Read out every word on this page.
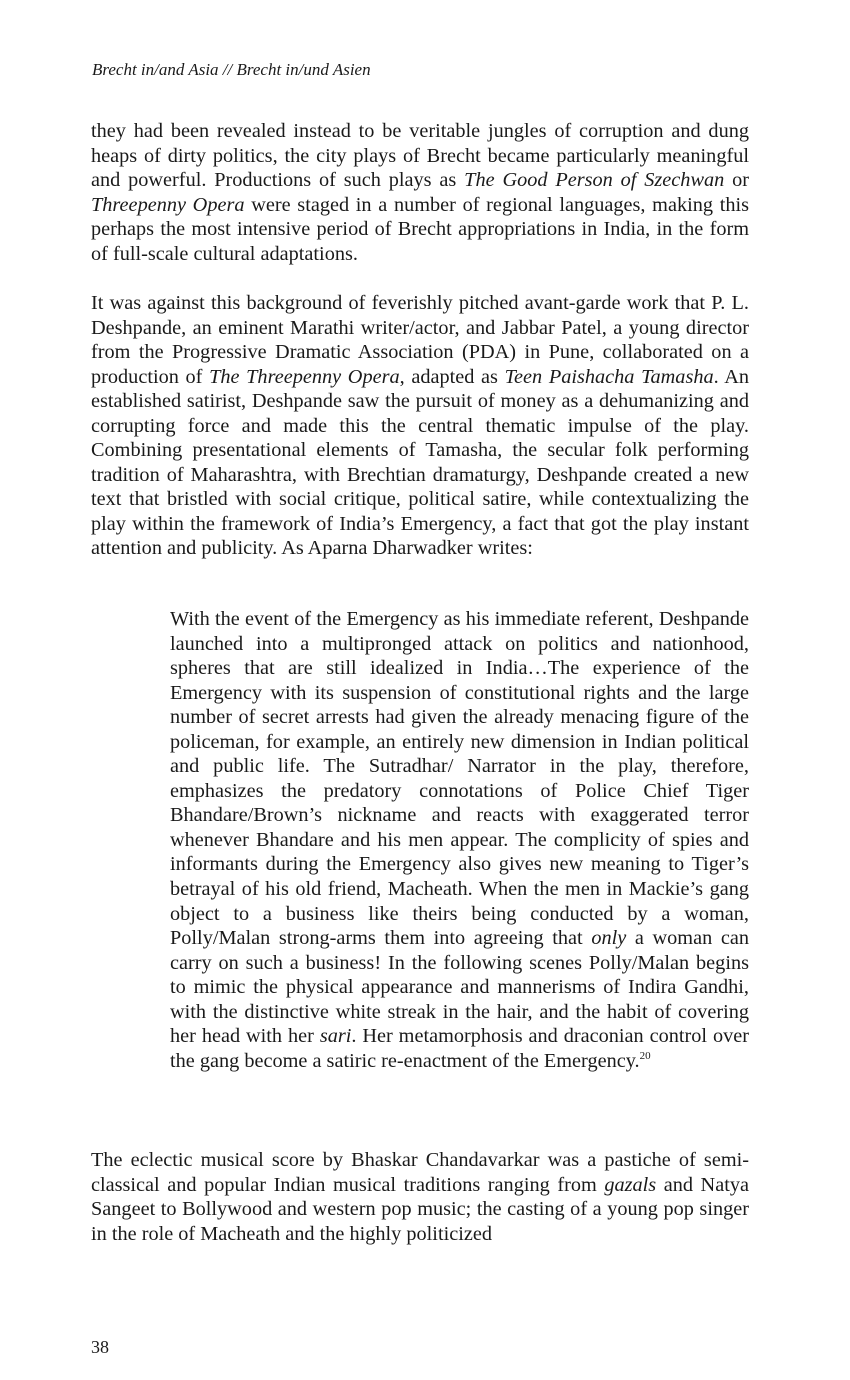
Brecht in/and Asia // Brecht in/und Asien

they had been revealed instead to be veritable jungles of corruption and dung heaps of dirty politics, the city plays of Brecht became particularly meaningful and powerful. Productions of such plays as The Good Person of Szechwan or Threepenny Opera were staged in a number of regional languages, making this perhaps the most intensive period of Brecht appropriations in India, in the form of full-scale cultural adaptations.

It was against this background of feverishly pitched avant-garde work that P. L. Deshpande, an eminent Marathi writer/actor, and Jabbar Patel, a young director from the Progressive Dramatic Association (PDA) in Pune, collaborated on a production of The Threepenny Opera, adapted as Teen Paishacha Tamasha. An established satirist, Deshpande saw the pursuit of money as a dehumanizing and corrupting force and made this the central thematic impulse of the play. Combining presentational elements of Tamasha, the secular folk performing tradition of Maharashtra, with Brechtian dramaturgy, Deshpande created a new text that bristled with social critique, political satire, while contextualizing the play within the framework of India’s Emergency, a fact that got the play instant attention and publicity. As Aparna Dharwadker writes:

With the event of the Emergency as his immediate referent, Deshpande launched into a multipronged attack on politics and nationhood, spheres that are still idealized in India…The experience of the Emergency with its suspension of constitutional rights and the large number of secret arrests had given the already menacing figure of the policeman, for example, an entirely new dimension in Indian political and public life. The Sutradhar/ Narrator in the play, therefore, emphasizes the predatory connotations of Police Chief Tiger Bhandare/Brown’s nickname and reacts with exaggerated terror whenever Bhandare and his men appear. The complicity of spies and informants during the Emergency also gives new meaning to Tiger’s betrayal of his old friend, Macheath. When the men in Mackie’s gang object to a business like theirs being conducted by a woman, Polly/Malan strong-arms them into agreeing that only a woman can carry on such a business! In the following scenes Polly/Malan begins to mimic the physical appearance and mannerisms of Indira Gandhi, with the distinctive white streak in the hair, and the habit of covering her head with her sari. Her metamorphosis and draconian control over the gang become a satiric re-enactment of the Emergency.$^{20}$

The eclectic musical score by Bhaskar Chandavarkar was a pastiche of semi-classical and popular Indian musical traditions ranging from gazals and Natya Sangeet to Bollywood and western pop music; the casting of a young pop singer in the role of Macheath and the highly politicized

38
